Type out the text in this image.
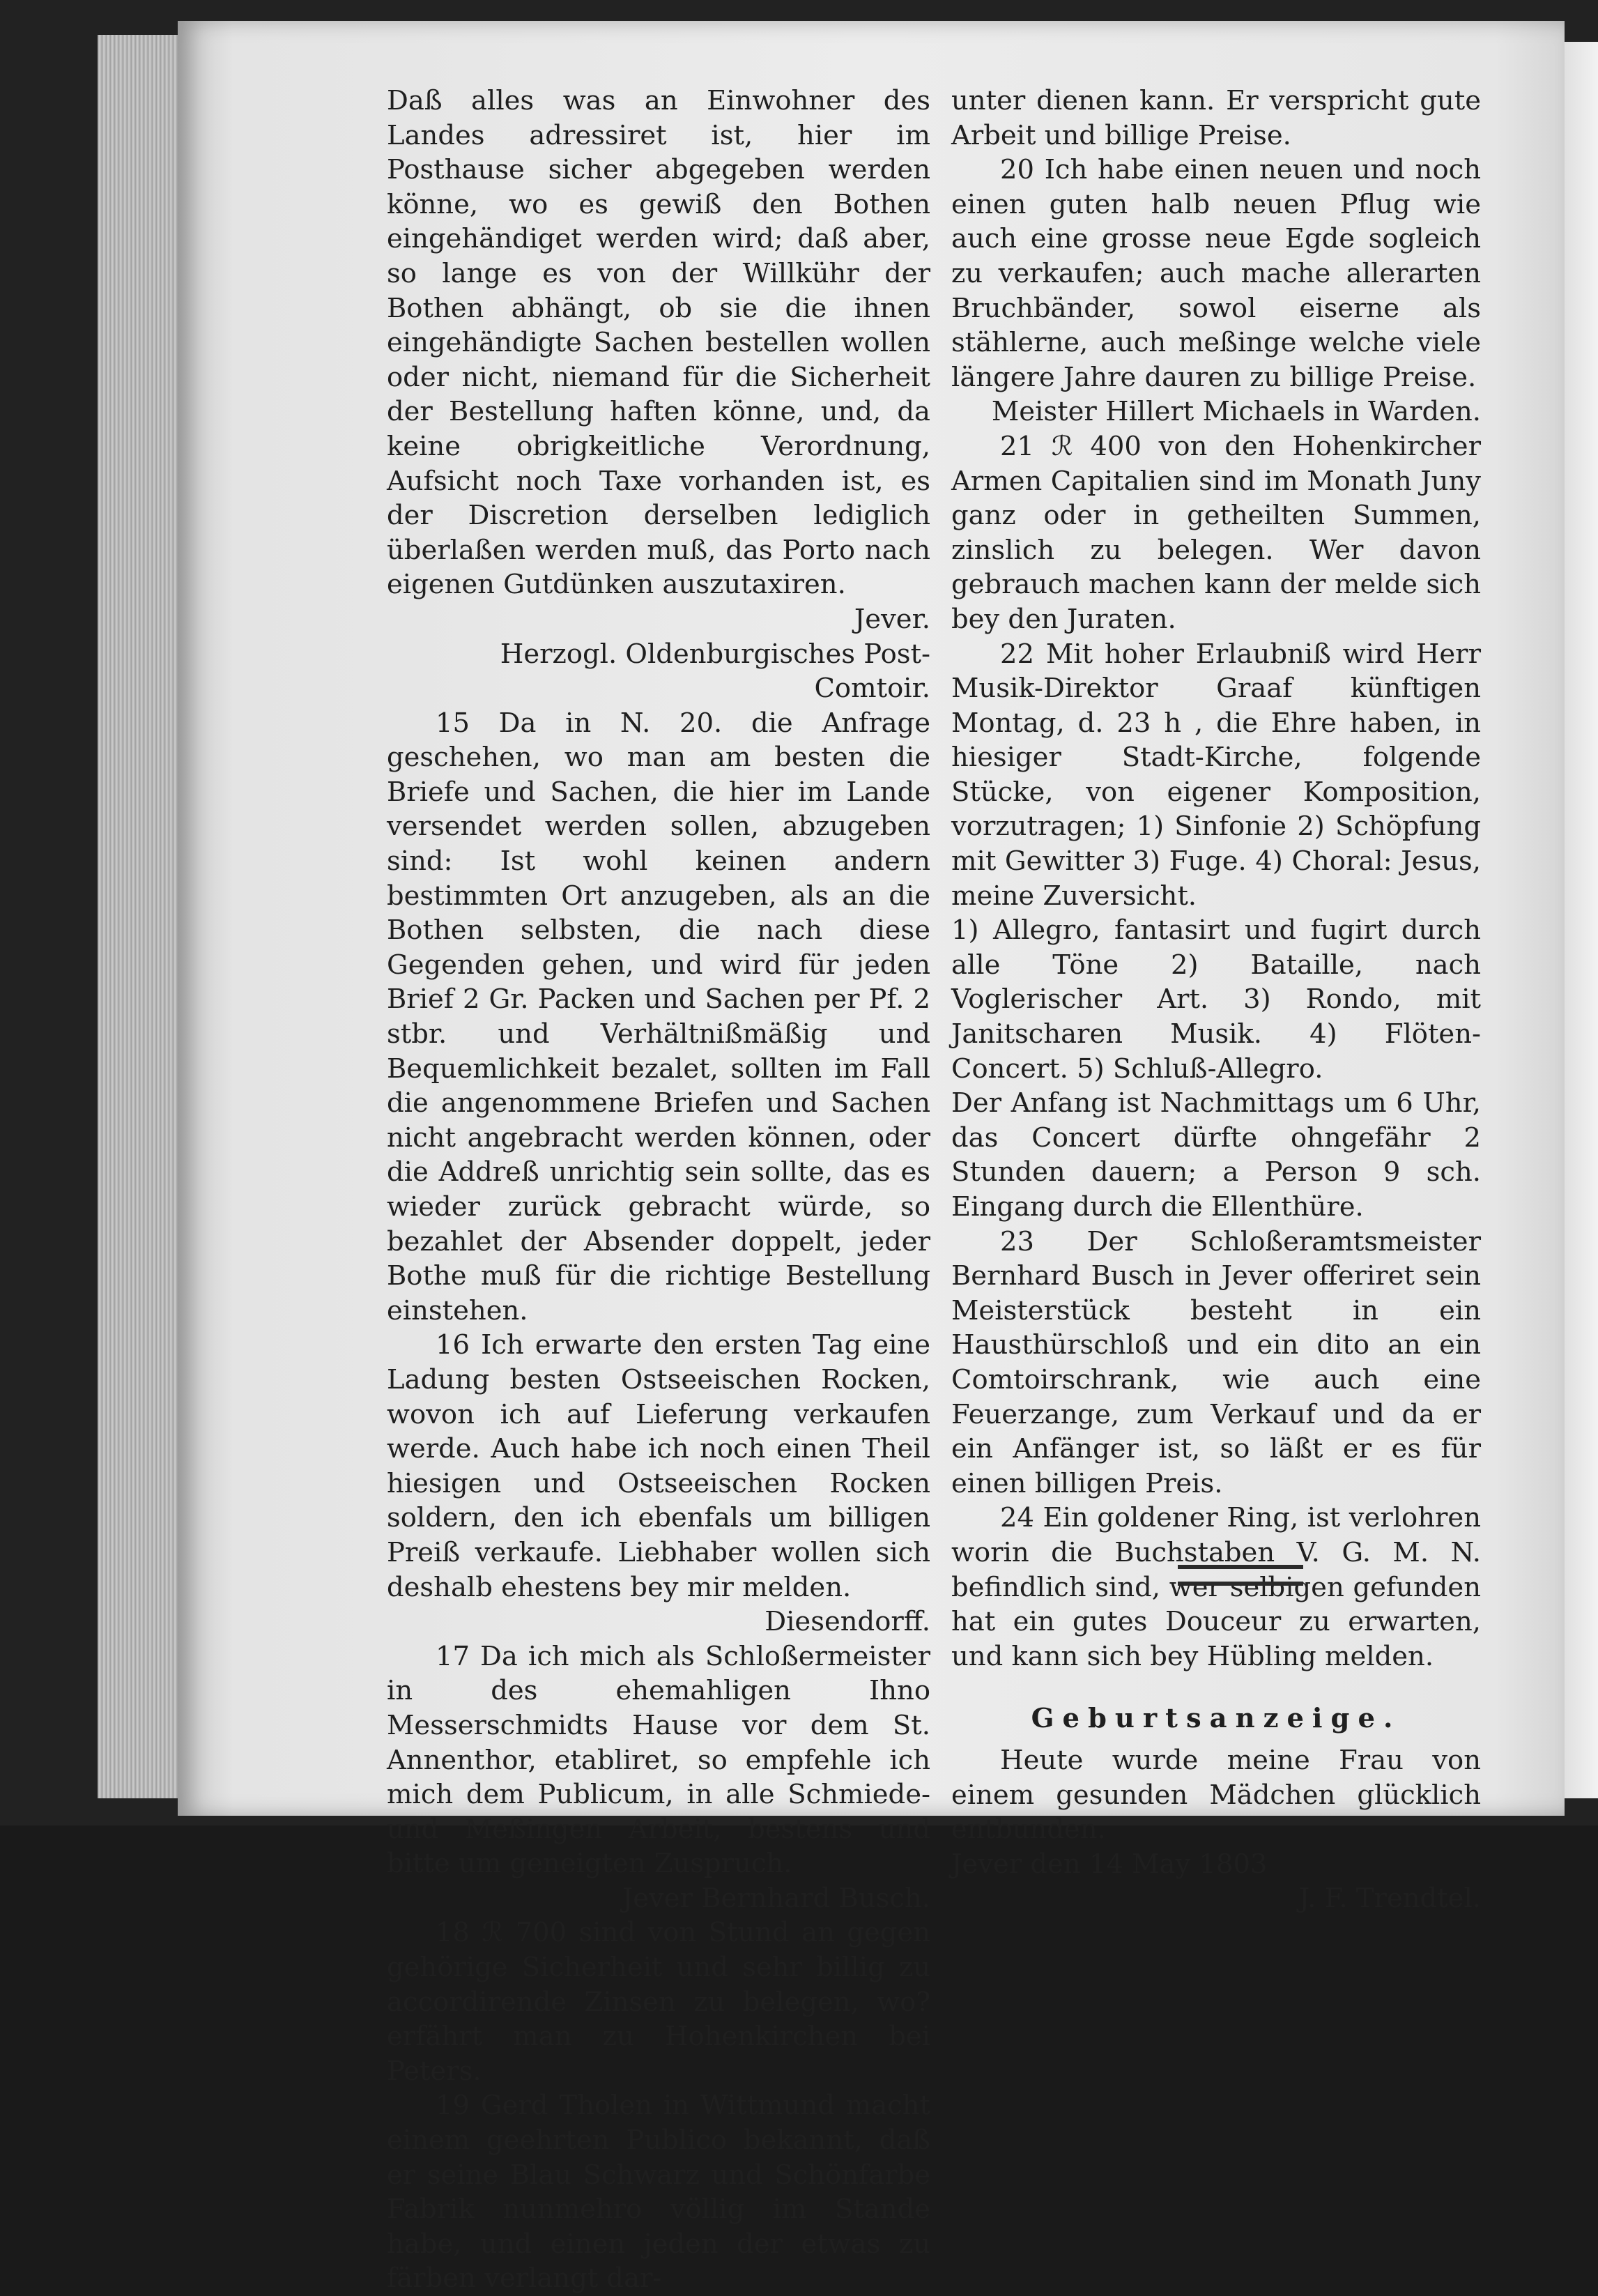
Daß alles was an Einwohner des Landes adressiret ist, hier im Posthause sicher abgegeben werden könne, wo es gewiß den Bothen eingehändiget werden wird; daß aber, so lange es von der Willkühr der Bothen abhängt, ob sie die ihnen eingehändigte Sachen bestellen wollen oder nicht, niemand für die Sicherheit der Bestellung haften könne, und, da keine obrigkeitliche Verordnung, Aufsicht noch Taxe vorhanden ist, es der Discretion derselben lediglich überlaßen werden muß, das Porto nach eigenen Gutdünken auszutaxiren.

Jever.

Herzogl. Oldenburgisches Post-Comtoir.

15 Da in N. 20. die Anfrage geschehen, wo man am besten die Briefe und Sachen, die hier im Lande versendet werden sollen, abzugeben sind: Ist wohl keinen andern bestimmten Ort anzugeben, als an die Bothen selbsten, die nach diese Gegenden gehen, und wird für jeden Brief 2 Gr. Packen und Sachen per Pf. 2 stbr. und Verhältnißmäßig und Bequemlichkeit bezalet, sollten im Fall die angenommene Briefen und Sachen nicht angebracht werden können, oder die Addreß unrichtig sein sollte, das es wieder zurück gebracht würde, so bezahlet der Absender doppelt, jeder Bothe muß für die richtige Bestellung einstehen.

16 Ich erwarte den ersten Tag eine Ladung besten Ostseeischen Rocken, wovon ich auf Lieferung verkaufen werde. Auch habe ich noch einen Theil hiesigen und Ostseeischen Rocken soldern, den ich ebenfals um billigen Preiß verkaufe. Liebhaber wollen sich deshalb ehestens bey mir melden.

Diesendorff.

17 Da ich mich als Schloßermeister in des ehemahligen Ihno Messerschmidts Hause vor dem St. Annenthor, etabliret, so empfehle ich mich dem Publicum, in alle Schmiede- und Meßingen Arbeit, bestens und bitte um geneigten Zuspruch.

Jever Bernhard Busch.

18 ℛ 700 sind von Stund an gegen gehörige Sicherheit und sehr billig zu accordirende Zinsen zu belegen, wo? erfährt man zu Hohenkirchen bei Peters.

19 Gerd Tholen in Wittmund macht einem geehrten Publico bekannt, daß er seine Blau Schwarz und Schönfarbe Fabrik nunmehro völlig im Stande habe, und einen jeden der etwas zu färben verlangt dar-

unter dienen kann. Er verspricht gute Arbeit und billige Preise.

20 Ich habe einen neuen und noch einen guten halb neuen Pflug wie auch eine grosse neue Egde sogleich zu verkaufen; auch mache allerarten Bruchbänder, sowol eiserne als stählerne, auch meßinge welche viele längere Jahre dauren zu billige Preise.

Meister Hillert Michaels in Warden.

21 ℛ 400 von den Hohenkircher Armen Capitalien sind im Monath Juny ganz oder in getheilten Summen, zinslich zu belegen. Wer davon gebrauch machen kann der melde sich bey den Juraten.

22 Mit hoher Erlaubniß wird Herr Musik-Direktor Graaf künftigen Montag, d. 23 h , die Ehre haben, in hiesiger Stadt-Kirche, folgende Stücke, von eigener Komposition, vorzutragen; 1) Sinfonie 2) Schöpfung mit Gewitter 3) Fuge. 4) Choral: Jesus, meine Zuversicht.

1) Allegro, fantasirt und fugirt durch alle Töne 2) Bataille, nach Voglerischer Art. 3) Rondo, mit Janitscharen Musik. 4) Flöten-Concert. 5) Schluß-Allegro.

Der Anfang ist Nachmittags um 6 Uhr, das Concert dürfte ohngefähr 2 Stunden dauern; a Person 9 sch. Eingang durch die Ellenthüre.

23 Der Schloßeramtsmeister Bernhard Busch in Jever offeriret sein Meisterstück besteht in ein Hausthürschloß und ein dito an ein Comtoirschrank, wie auch eine Feuerzange, zum Verkauf und da er ein Anfänger ist, so läßt er es für einen billigen Preis.

24 Ein goldener Ring, ist verlohren worin die Buchstaben V. G. M. N. befindlich sind, wer selbigen gefunden hat ein gutes Douceur zu erwarten, und kann sich bey Hübling melden.

Geburtsanzeige.

Heute wurde meine Frau von einem gesunden Mädchen glücklich entbunden.

Jever den 14 May 1803

J. F. Trendtel.
